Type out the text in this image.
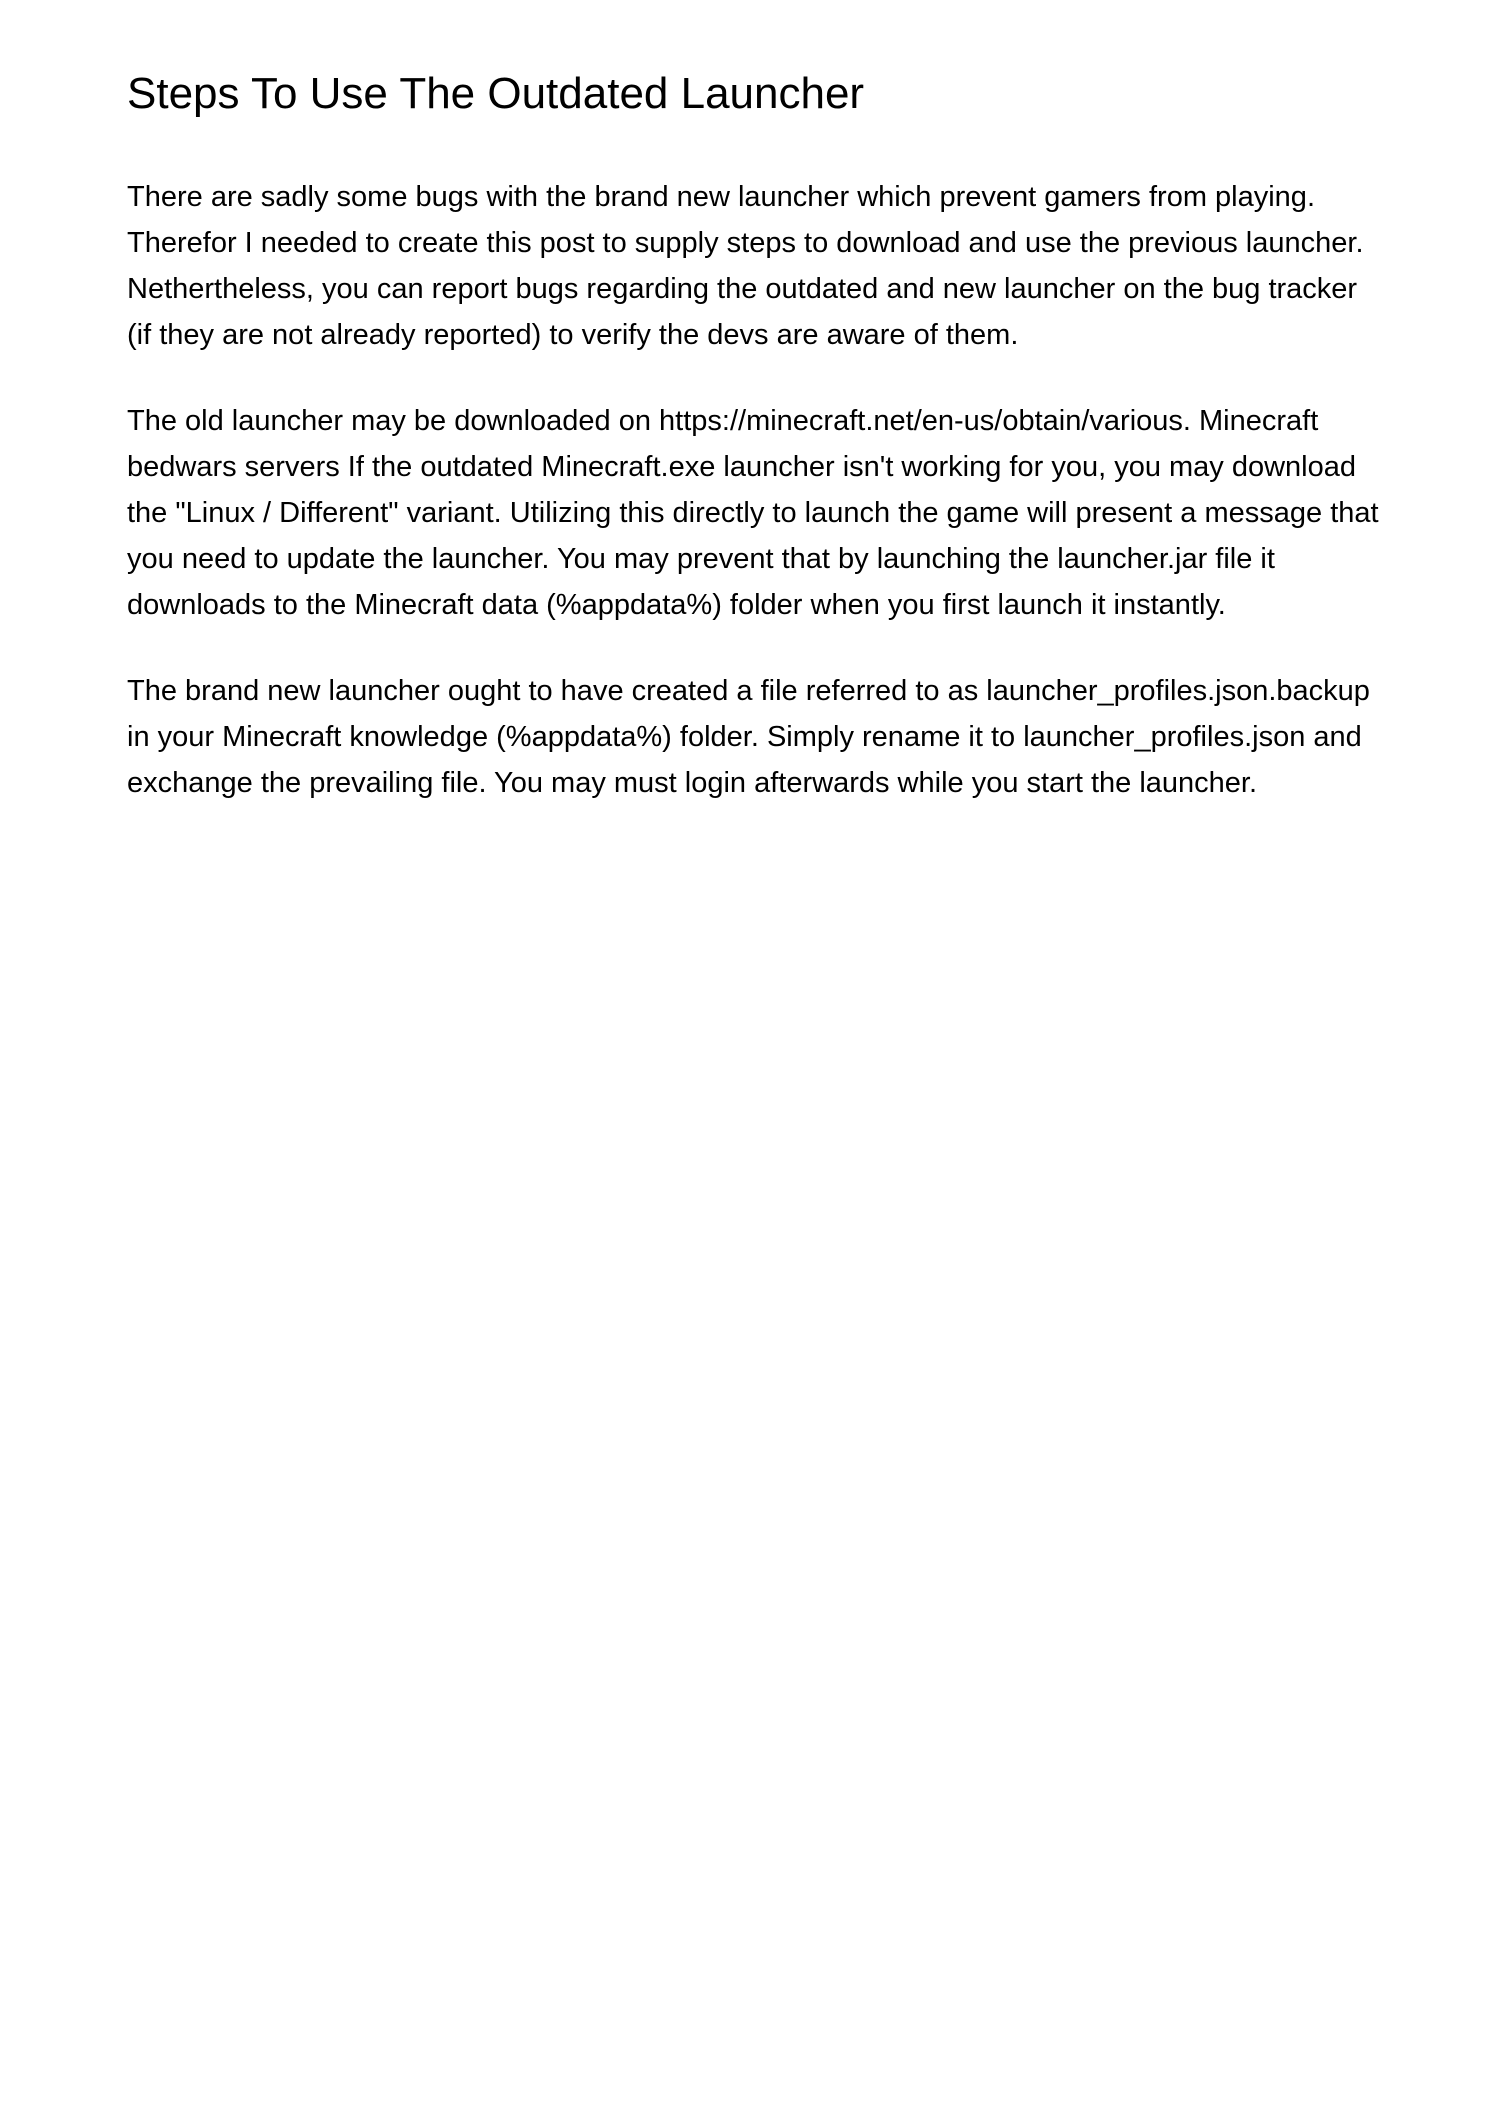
Steps To Use The Outdated Launcher

There are sadly some bugs with the brand new launcher which prevent gamers from playing. Therefor I needed to create this post to supply steps to download and use the previous launcher. Nethertheless, you can report bugs regarding the outdated and new launcher on the bug tracker (if they are not already reported) to verify the devs are aware of them.

The old launcher may be downloaded on https://minecraft.net/en-us/obtain/various. Minecraft bedwars servers If the outdated Minecraft.exe launcher isn't working for you, you may download the "Linux / Different" variant. Utilizing this directly to launch the game will present a message that you need to update the launcher. You may prevent that by launching the launcher.jar file it downloads to the Minecraft data (%appdata%) folder when you first launch it instantly.

The brand new launcher ought to have created a file referred to as launcher_profiles.json.backup in your Minecraft knowledge (%appdata%) folder. Simply rename it to launcher_profiles.json and exchange the prevailing file. You may must login afterwards while you start the launcher.
